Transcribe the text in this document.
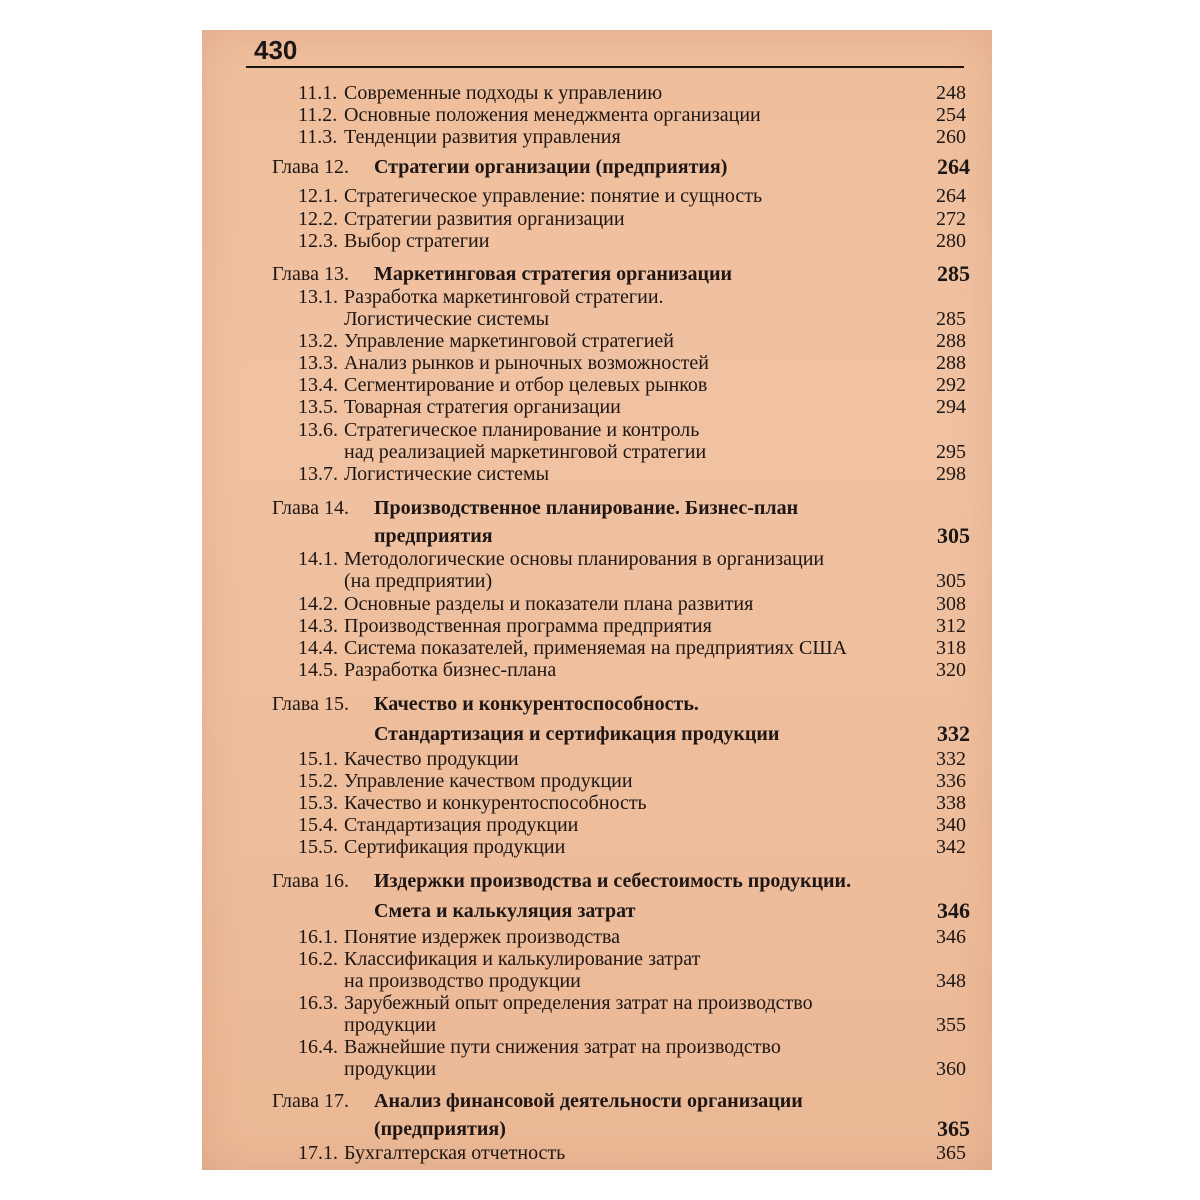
430
11.1. Современные подходы к управлению	248
11.2. Основные положения менеджмента организации	254
11.3. Тенденции развития управления	260
Глава 12. Стратегии организации (предприятия)	264
12.1. Стратегическое управление: понятие и сущность	264
12.2. Стратегии развития организации	272
12.3. Выбор стратегии	280
Глава 13. Маркетинговая стратегия организации	285
13.1. Разработка маркетинговой стратегии.
Логистические системы	285
13.2. Управление маркетинговой стратегией	288
13.3. Анализ рынков и рыночных возможностей	288
13.4. Сегментирование и отбор целевых рынков	292
13.5. Товарная стратегия организации	294
13.6. Стратегическое планирование и контроль
над реализацией маркетинговой стратегии	295
13.7. Логистические системы	298
Глава 14. Производственное планирование. Бизнес-план
предприятия	305
14.1. Методологические основы планирования в организации
(на предприятии)	305
14.2. Основные разделы и показатели плана развития	308
14.3. Производственная программа предприятия	312
14.4. Система показателей, применяемая на предприятиях США	318
14.5. Разработка бизнес-плана	320
Глава 15. Качество и конкурентоспособность.
Стандартизация и сертификация продукции	332
15.1. Качество продукции	332
15.2. Управление качеством продукции	336
15.3. Качество и конкурентоспособность	338
15.4. Стандартизация продукции	340
15.5. Сертификация продукции	342
Глава 16. Издержки производства и себестоимость продукции.
Смета и калькуляция затрат	346
16.1. Понятие издержек производства	346
16.2. Классификация и калькулирование затрат
на производство продукции	348
16.3. Зарубежный опыт определения затрат на производство
продукции	355
16.4. Важнейшие пути снижения затрат на производство
продукции	360
Глава 17. Анализ финансовой деятельности организации
(предприятия)	365
17.1. Бухгалтерская отчетность	365
